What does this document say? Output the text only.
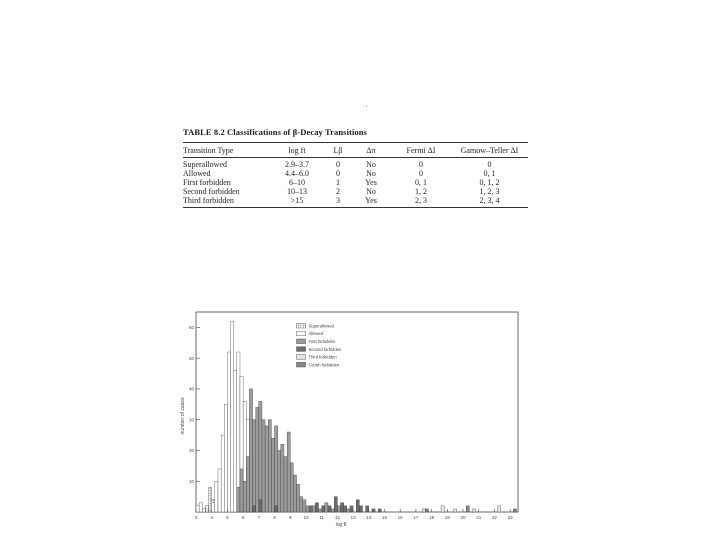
TABLE 8.2 Classifications of β-Decay Transitions
Transition Type	log ft	Lβ	Δπ	Fermi ΔI	Gamow–Teller ΔI
Superallowed	2.9–3.7	0	No	0	0
Allowed	4.4–6.0	0	No	0	0, 1
First forbidden	6–10	1	Yes	0, 1	0, 1, 2
Second forbidden	10–13	2	No	1, 2	1, 2, 3
Third forbidden	>15	3	Yes	2, 3	2, 3, 4
10
20
30
40
50
60
3	4	5	6	7	8	9	10 11 12 13 14 15 16 17 18 19 20 21 22 23
Superallowed
Allowed
First forbidden
Second forbidden
Third forbidden
Fourth forbidden
number of cases
log ft
